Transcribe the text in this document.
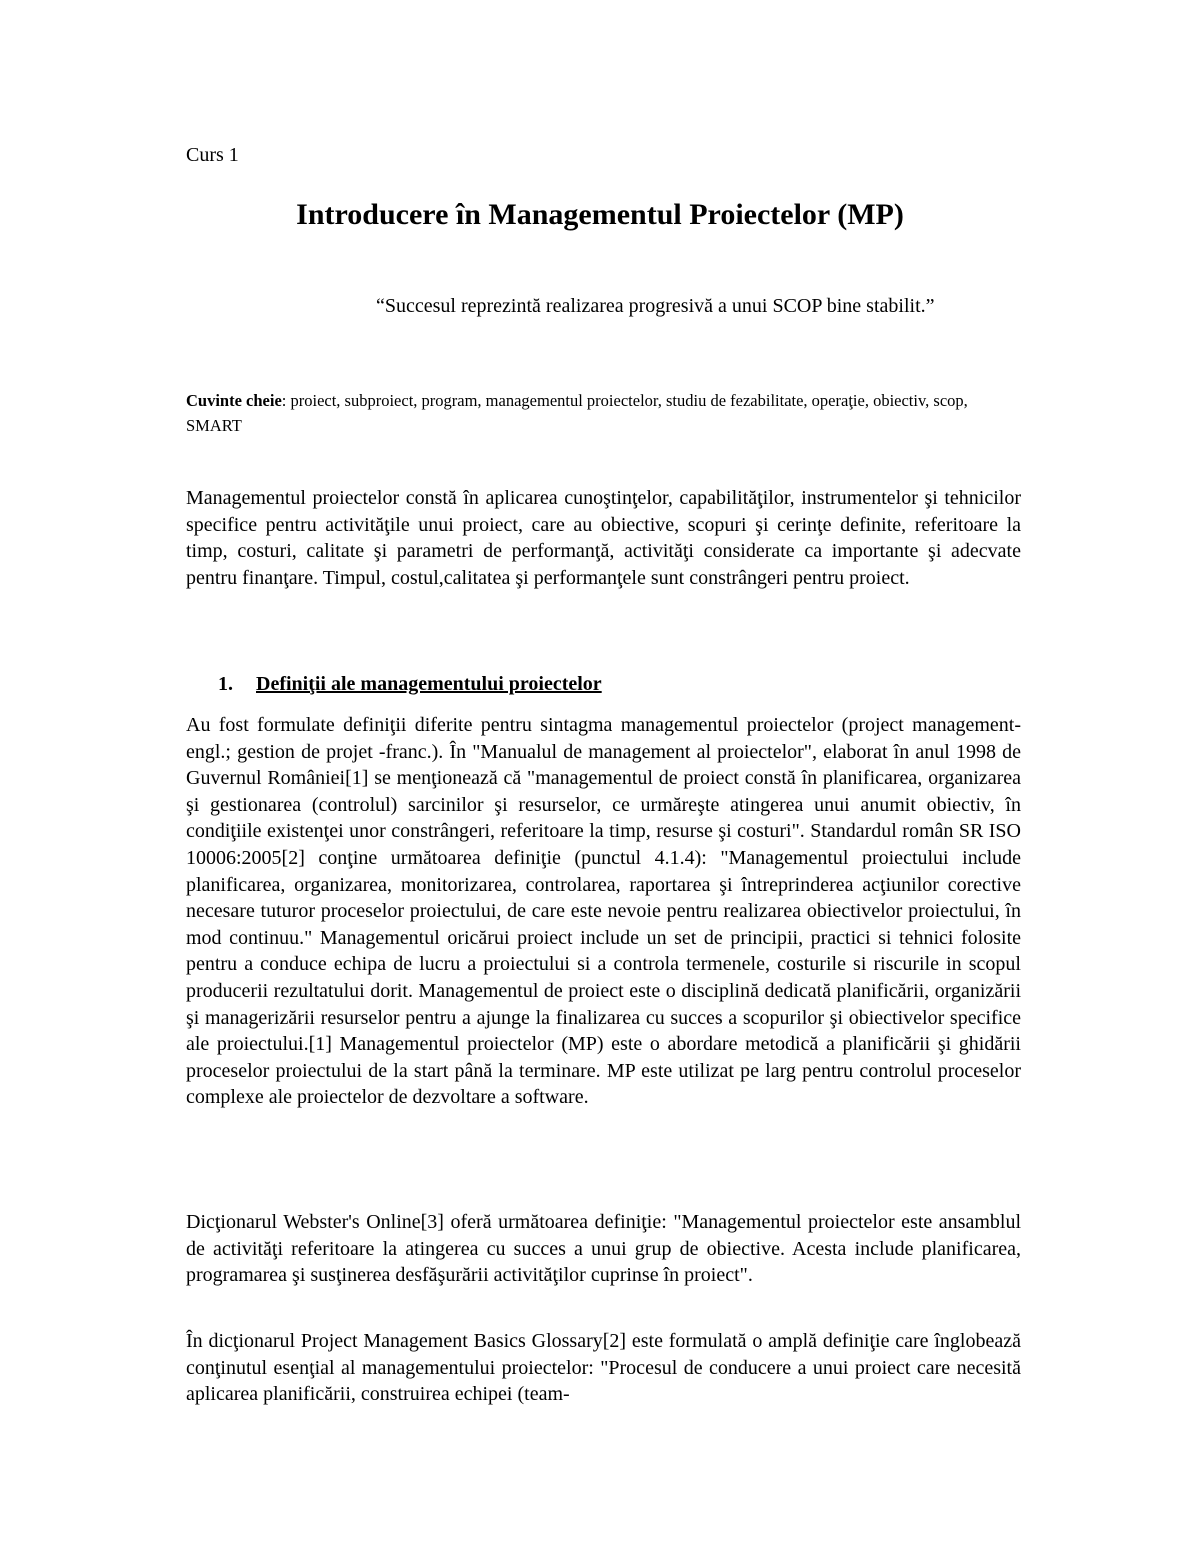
Curs 1
Introducere în Managementul Proiectelor (MP)
“Succesul reprezintă realizarea progresivă a unui SCOP bine stabilit.”
Cuvinte cheie: proiect, subproiect, program, managementul proiectelor, studiu de fezabilitate, operaţie, obiectiv, scop, SMART

Managementul proiectelor constă în aplicarea cunoştinţelor, capabilităţilor, instrumentelor şi tehnicilor specifice pentru activităţile unui proiect, care au obiective, scopuri şi cerinţe definite, referitoare la timp, costuri, calitate şi parametri de performanţă, activităţi considerate ca importante şi adecvate pentru finanţare. Timpul, costul,calitatea şi performanţele sunt constrângeri pentru proiect.

1. Definiţii ale managementului proiectelor

Au fost formulate definiţii diferite pentru sintagma managementul proiectelor (project management- engl.; gestion de projet -franc.). În "Manualul de management al proiectelor", elaborat în anul 1998 de Guvernul României[1] se menţionează că "managementul de proiect constă în planificarea, organizarea şi gestionarea (controlul) sarcinilor şi resurselor, ce urmăreşte atingerea unui anumit obiectiv, în condiţiile existenţei unor constrângeri, referitoare la timp, resurse şi costuri". Standardul român SR ISO 10006:2005[2] conţine următoarea definiţie (punctul 4.1.4): "Managementul proiectului include planificarea, organizarea, monitorizarea, controlarea, raportarea şi întreprinderea acţiunilor corective necesare tuturor proceselor proiectului, de care este nevoie pentru realizarea obiectivelor proiectului, în mod continuu." Managementul oricărui proiect include un set de principii, practici si tehnici folosite pentru a conduce echipa de lucru a proiectului si a controla termenele, costurile si riscurile in scopul producerii rezultatului dorit. Managementul de proiect este o disciplină dedicată planificării, organizării şi managerizării resurselor pentru a ajunge la finalizarea cu succes a scopurilor şi obiectivelor specifice ale proiectului.[1] Managementul proiectelor (MP) este o abordare metodică a planificării şi ghidării proceselor proiectului de la start până la terminare. MP este utilizat pe larg pentru controlul proceselor complexe ale proiectelor de dezvoltare a software.

Dicţionarul Webster's Online[3] oferă următoarea definiţie: "Managementul proiectelor este ansamblul de activităţi referitoare la atingerea cu succes a unui grup de obiective. Acesta include planificarea, programarea şi susţinerea desfăşurării activităţilor cuprinse în proiect".

În dicţionarul Project Management Basics Glossary[2] este formulată o amplă definiţie care înglobează conţinutul esenţial al managementului proiectelor: "Procesul de conducere a unui proiect care necesită aplicarea planificării, construirea echipei (team-
